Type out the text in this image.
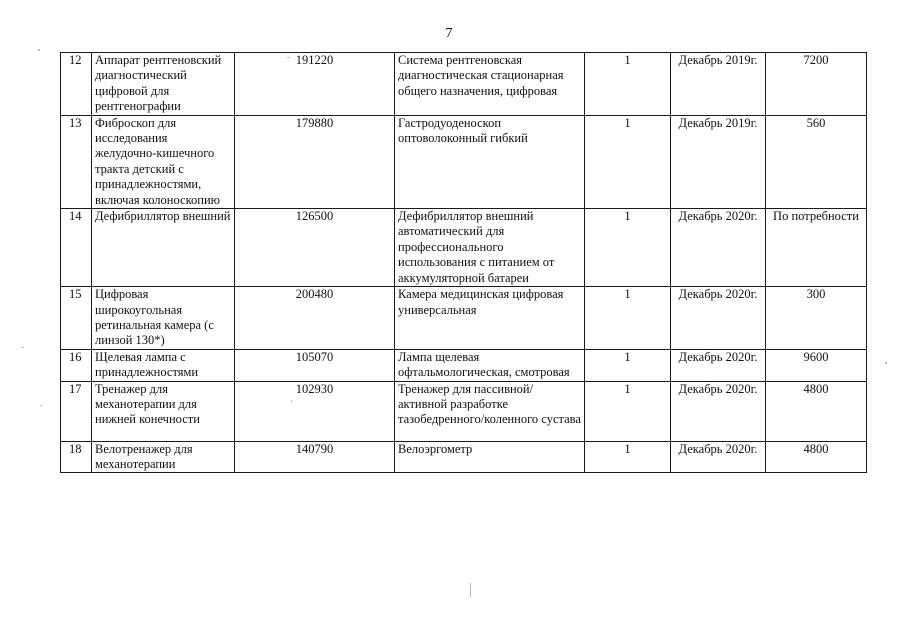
7
12	Аппарат рентгеновский диагностический цифровой для рентгенографии	191220	Система рентгеновская диагностическая стационарная общего назначения, цифровая	1	Декабрь 2019г.	7200
13	Фиброскоп для исследования желудочно-кишечного тракта детский с принадлежностями, включая колоноскопию	179880	Гастродуоденоскоп оптоволоконный гибкий	1	Декабрь 2019г.	560
14	Дефибриллятор внешний	126500	Дефибриллятор внешний автоматический для профессионального использования с питанием от аккумуляторной батареи	1	Декабрь 2020г.	По потребности
15	Цифровая широкоугольная ретинальная камера (с линзой 130*)	200480	Камера медицинская цифровая универсальная	1	Декабрь 2020г.	300
16	Щелевая лампа с принадлежностями	105070	Лампа щелевая офтальмологическая, смотровая	1	Декабрь 2020г.	9600
17	Тренажер для механотерапии для нижней конечности	102930	Тренажер для пассивной/активной разработке тазобедренного/коленного сустава	1	Декабрь 2020г.	4800
18	Велотренажер для механотерапии	140790	Велоэргометр	1	Декабрь 2020г.	4800
